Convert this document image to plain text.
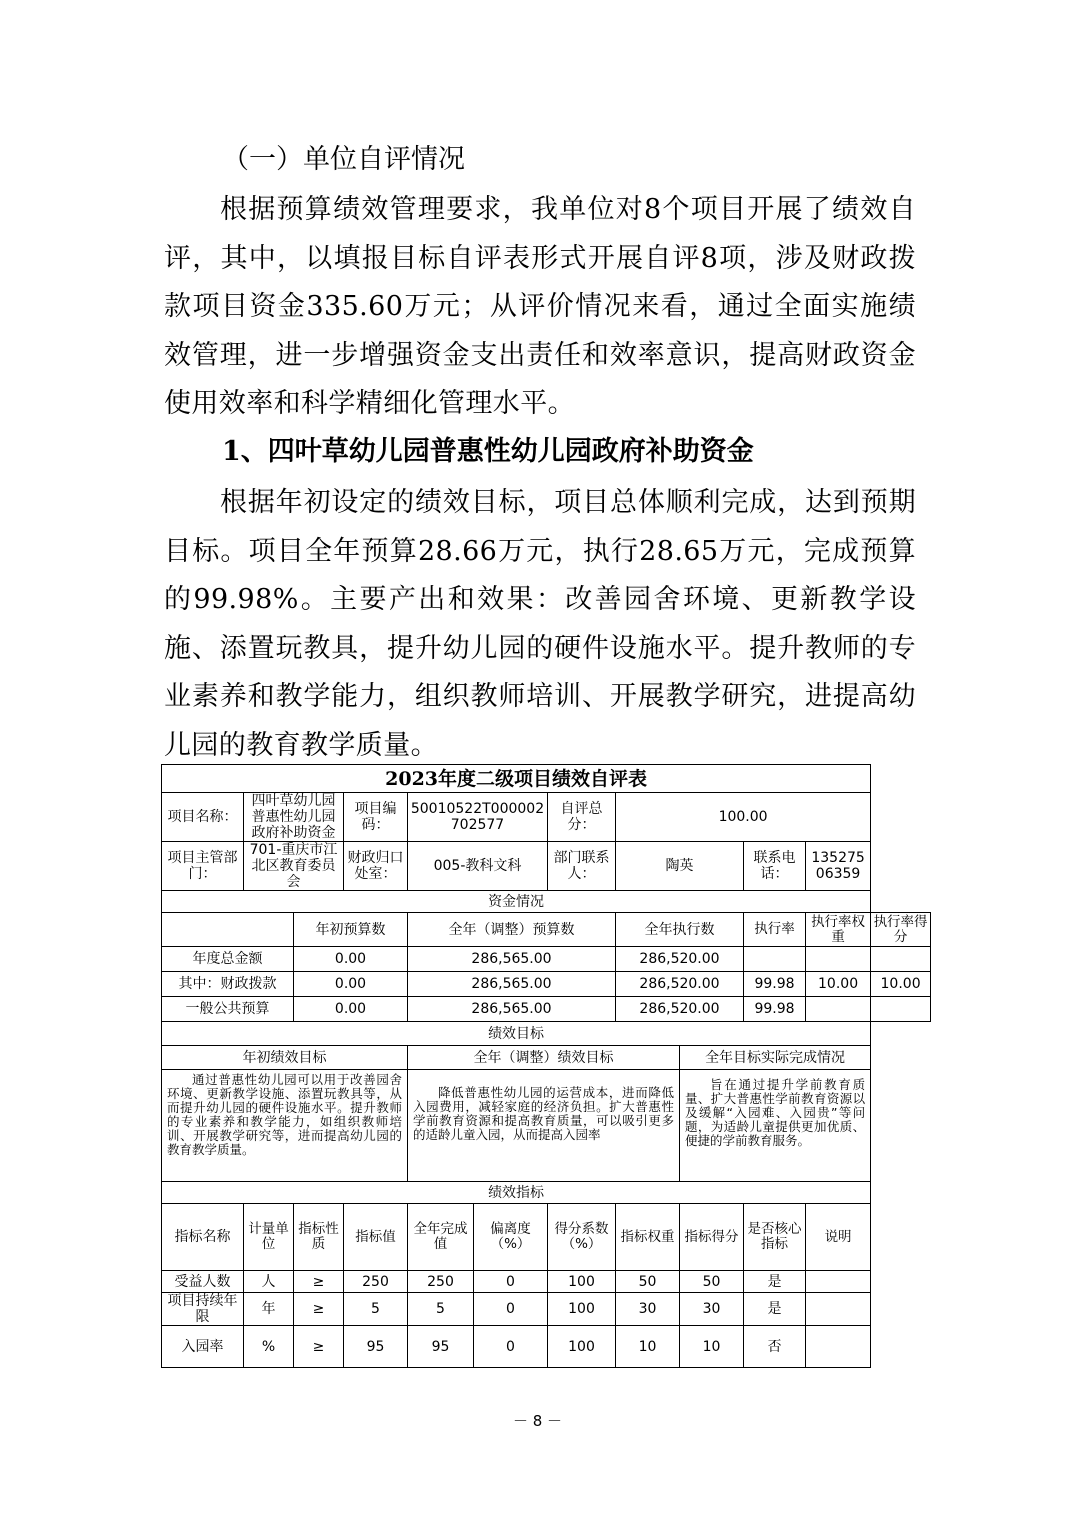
（一）单位自评情况
根据预算绩效管理要求，我单位对8个项目开展了绩效自评，其中，以填报目标自评表形式开展自评8项，涉及财政拨款项目资金335.60万元；从评价情况来看，通过全面实施绩效管理，进一步增强资金支出责任和效率意识，提高财政资金使用效率和科学精细化管理水平。
1、四叶草幼儿园普惠性幼儿园政府补助资金
根据年初设定的绩效目标，项目总体顺利完成，达到预期目标。项目全年预算28.66万元，执行28.65万元，完成预算的99.98%。主要产出和效果：改善园舍环境、更新教学设施、添置玩教具，提升幼儿园的硬件设施水平。提升教师的专业素养和教学能力，组织教师培训、开展教学研究，进提高幼儿园的教育教学质量。
2023年度二级项目绩效自评表											
项目名称：	四叶草幼儿园普惠性幼儿园政府补助资金		项目编码：	50010522T000002702577		自评总分：	100.00				
项目主管部门：	701-重庆市江北区教育委员会		财政归口处室：	005-教科文科		部门联系人：	陶英		联系电话：	13527506359	
资金情况											
		年初预算数		全年（调整）预算数			全年执行数		执行率	执行率权重	执行率得分
年度总金额		0.00		286,565.00			286,520.00				
其中：财政拨款		0.00		286,565.00			286,520.00		99.98	10.00	10.00
一般公共预算		0.00		286,565.00			286,520.00		99.98		
绩效目标											
年初绩效目标				全年（调整）绩效目标				全年目标实际完成情况			

通过普惠性幼儿园可以用于改善园舍环境、更新教学设施、添置玩教具等，从而提升幼儿园的硬件设施水平。提升教师的专业素养和教学能力，如组织教师培训、开展教学研究等，进而提高幼儿园的教育教学质量。				降低普惠性幼儿园的运营成本，进而降低入园费用，减轻家庭的经济负担。扩大普惠性学前教育资源和提高教育质量，可以吸引更多的适龄儿童入园，从而提高入园率				旨在通过提升学前教育质量、扩大普惠性学前教育资源以及缓解“入园难、入园贵”等问题，为适龄儿童提供更加优质、便捷的学前教育服务。			

绩效指标											
指标名称	计量单位	指标性质	指标值	全年完成值	偏离度（%）	得分系数（%）	指标权重	指标得分	是否核心指标	说明	
受益人数	人	≥	250	250	0	100	50	50	是		
项目持续年限	年	≥	5	5	0	100	30	30	是		
入园率	%	≥	95	95	0	100	10	10	否		
－ 8 －
